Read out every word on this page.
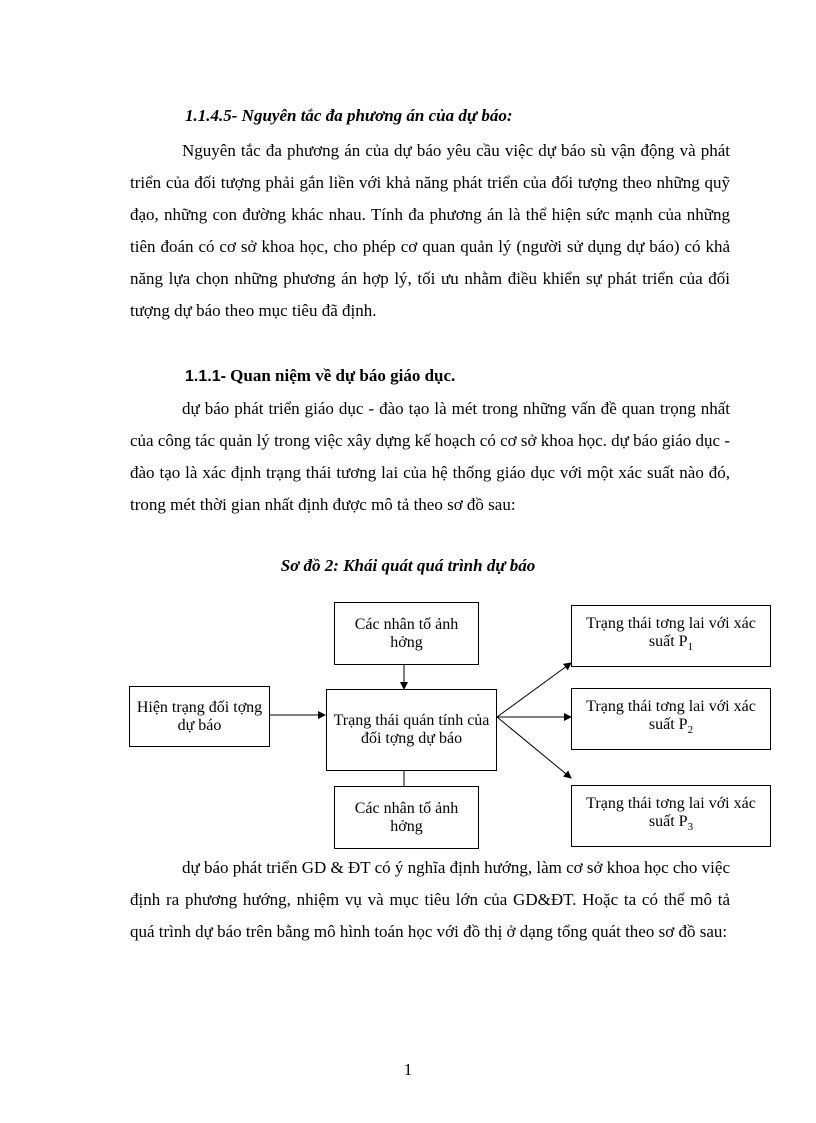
1.1.4.5- Nguyên tắc đa phương án của dự báo:
Nguyên tắc đa phương án của dự báo yêu cầu việc dự báo sù vận động và phát triển của đối tượng phải gắn liền với khả năng phát triển của đối tượng theo những quỹ đạo, những con đường khác nhau. Tính đa phương án là thể hiện sức mạnh của những tiên đoán có cơ sở khoa học, cho phép cơ quan quản lý (người sử dụng dự báo) có khả năng lựa chọn những phương án hợp lý, tối ưu nhằm điều khiển sự phát triển của đối tượng dự báo theo mục tiêu đã định.
1.1.1- Quan niệm về dự báo giáo dục.
dự báo phát triển giáo dục - đào tạo là mét trong những vấn đề quan trọng nhất của công tác quản lý trong việc xây dựng kế hoạch có cơ sở khoa học. dự báo giáo dục - đào tạo là xác định trạng thái tương lai của hệ thống giáo dục với một xác suất nào đó, trong mét thời gian nhất định được mô tả theo sơ đồ sau:
Sơ đồ 2: Khái quát quá trình dự báo
Các nhân tố ảnh hởng
Hiện trạng đối tợng dự báo	Trạng thái quán tính của đối tợng dự báo
Các nhân tố ảnh hởng
Trạng thái tơng lai với xác suất $P_1$
Trạng thái tơng lai với xác suất $P_2$
Trạng thái tơng lai với xác suất $P_3$
dự báo phát triển GD & ĐT có ý nghĩa định hướng, làm cơ sở khoa học cho việc định ra phương hướng, nhiệm vụ và mục tiêu lớn của GD&ĐT. Hoặc ta có thể mô tả quá trình dự báo trên bằng mô hình toán học với đồ thị ở dạng tổng quát theo sơ đồ sau:
1
